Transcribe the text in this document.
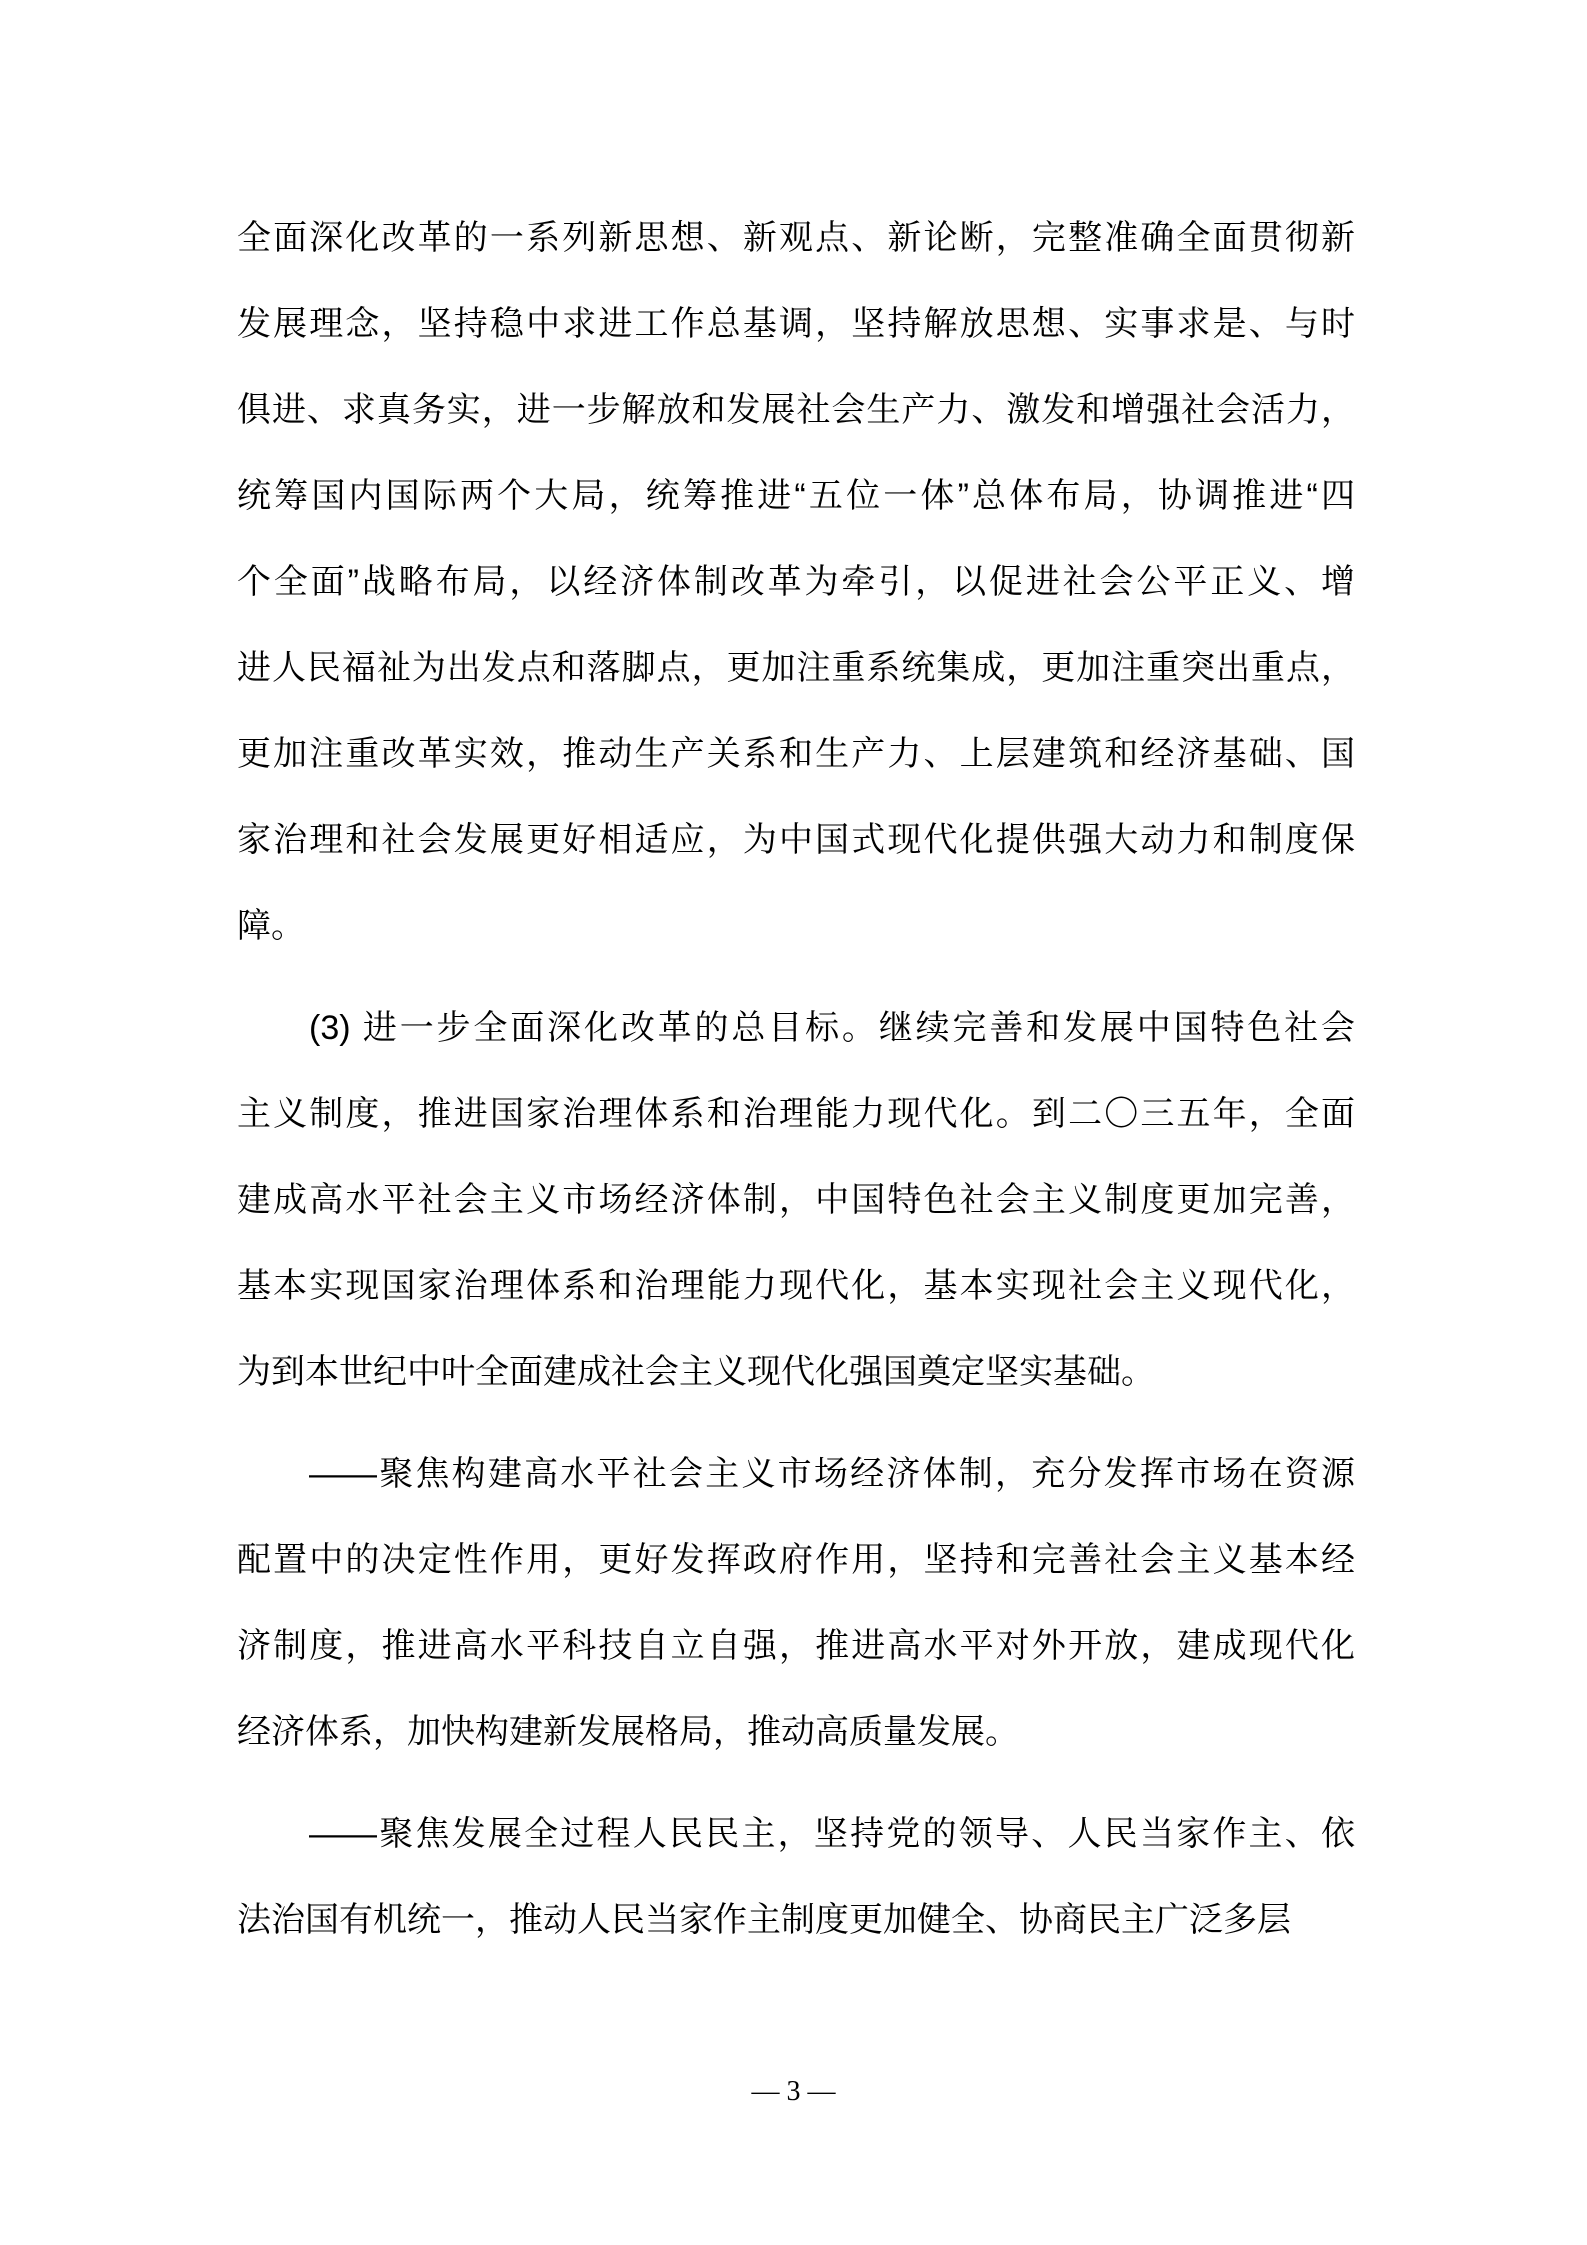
全面深化改革的一系列新思想、新观点、新论断，完整准确全面贯彻新
发展理念，坚持稳中求进工作总基调，坚持解放思想、实事求是、与时
俱进、求真务实，进一步解放和发展社会生产力、激发和增强社会活力，
统筹国内国际两个大局，统筹推进“五位一体”总体布局，协调推进“四
个全面”战略布局，以经济体制改革为牵引，以促进社会公平正义、增
进人民福祉为出发点和落脚点，更加注重系统集成，更加注重突出重点，
更加注重改革实效，推动生产关系和生产力、上层建筑和经济基础、国
家治理和社会发展更好相适应，为中国式现代化提供强大动力和制度保
障。

(3) 进一步全面深化改革的总目标。继续完善和发展中国特色社会
主义制度，推进国家治理体系和治理能力现代化。到二〇三五年，全面
建成高水平社会主义市场经济体制，中国特色社会主义制度更加完善，
基本实现国家治理体系和治理能力现代化，基本实现社会主义现代化，
为到本世纪中叶全面建成社会主义现代化强国奠定坚实基础。

——聚焦构建高水平社会主义市场经济体制，充分发挥市场在资源
配置中的决定性作用，更好发挥政府作用，坚持和完善社会主义基本经
济制度，推进高水平科技自立自强，推进高水平对外开放，建成现代化
经济体系，加快构建新发展格局，推动高质量发展。

——聚焦发展全过程人民民主，坚持党的领导、人民当家作主、依
法治国有机统一，推动人民当家作主制度更加健全、协商民主广泛多层

— 3 —
